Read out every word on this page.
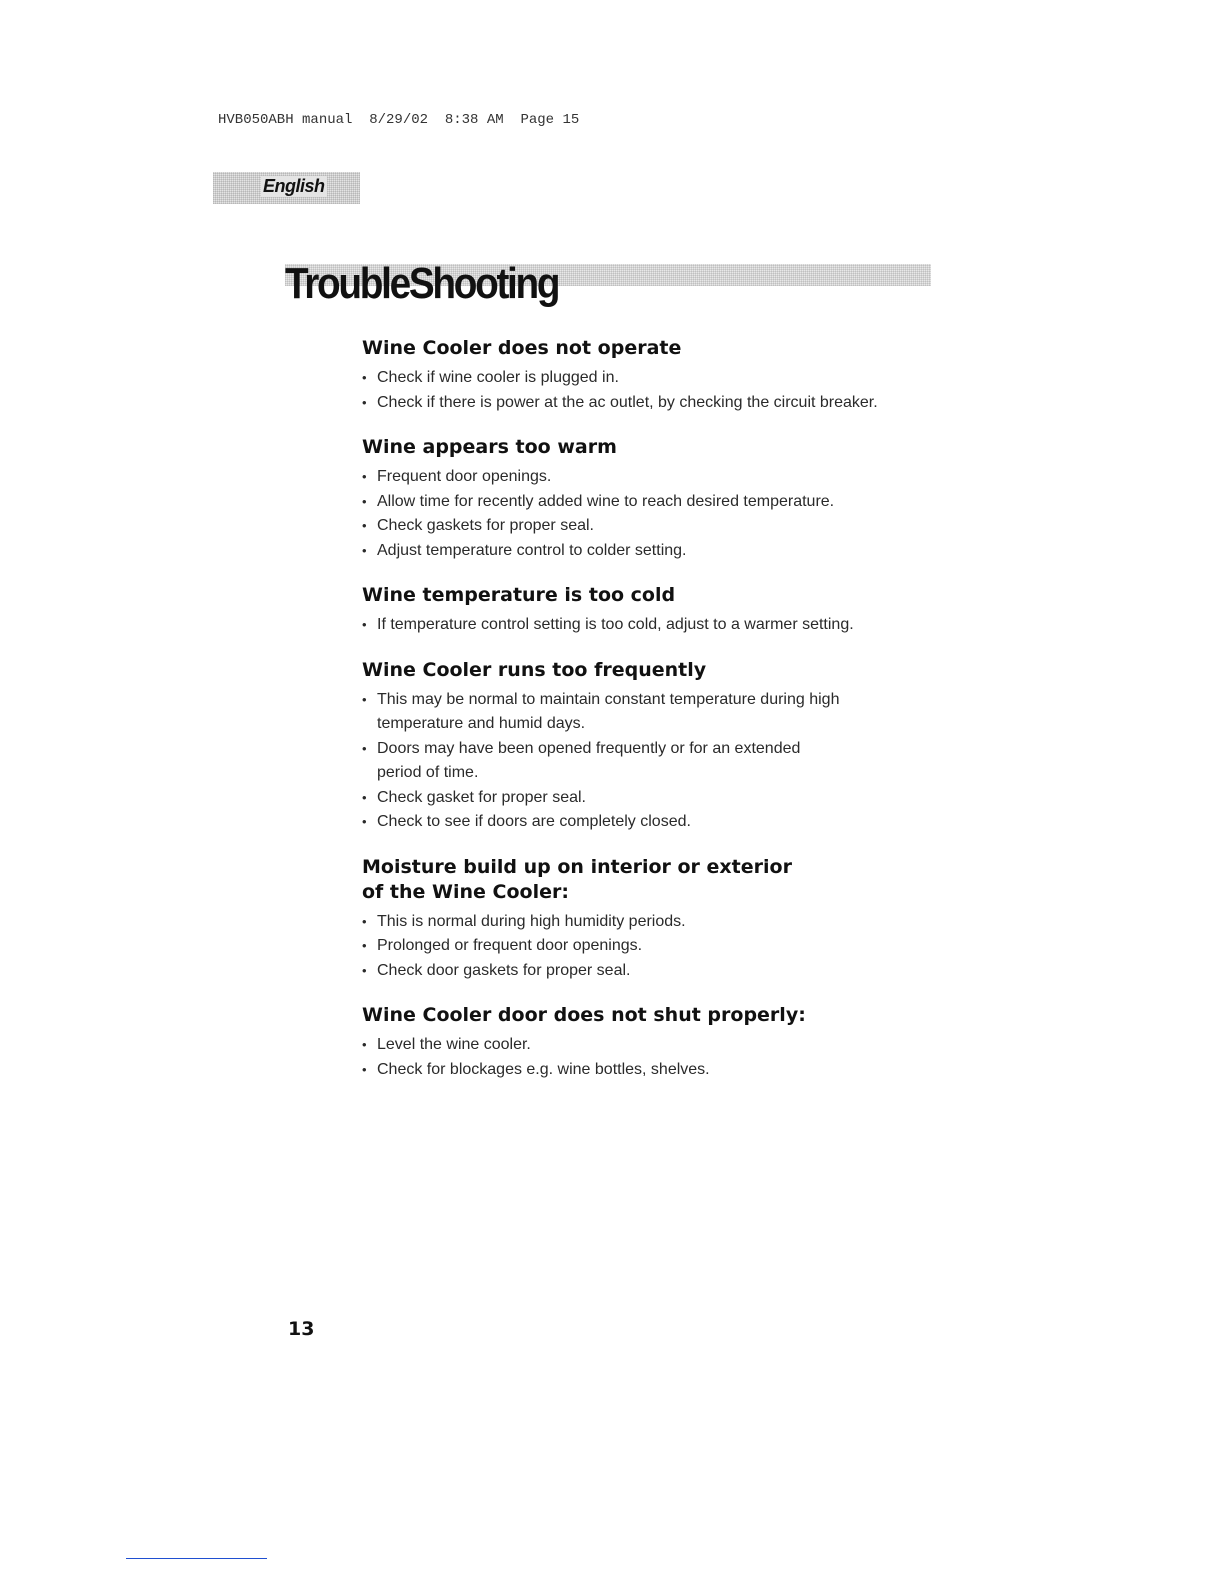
HVB050ABH manual  8/29/02  8:38 AM  Page 15
English
TroubleShooting
Wine Cooler does not operate
• Check if wine cooler is plugged in.
• Check if there is power at the ac outlet, by checking the circuit breaker.
Wine appears too warm
• Frequent door openings.
• Allow time for recently added wine to reach desired temperature.
• Check gaskets for proper seal.
• Adjust temperature control to colder setting.
Wine temperature is too cold
• If temperature control setting is too cold, adjust to a warmer setting.
Wine Cooler runs too frequently
• This may be normal to maintain constant temperature during high temperature and humid days.
• Doors may have been opened frequently or for an extended period of time.
• Check gasket for proper seal.
• Check to see if doors are completely closed.
Moisture build up on interior or exterior of the Wine Cooler:
• This is normal during high humidity periods.
• Prolonged or frequent door openings.
• Check door gaskets for proper seal.
Wine Cooler door does not shut properly:
• Level the wine cooler.
• Check for blockages e.g. wine bottles, shelves.
13
